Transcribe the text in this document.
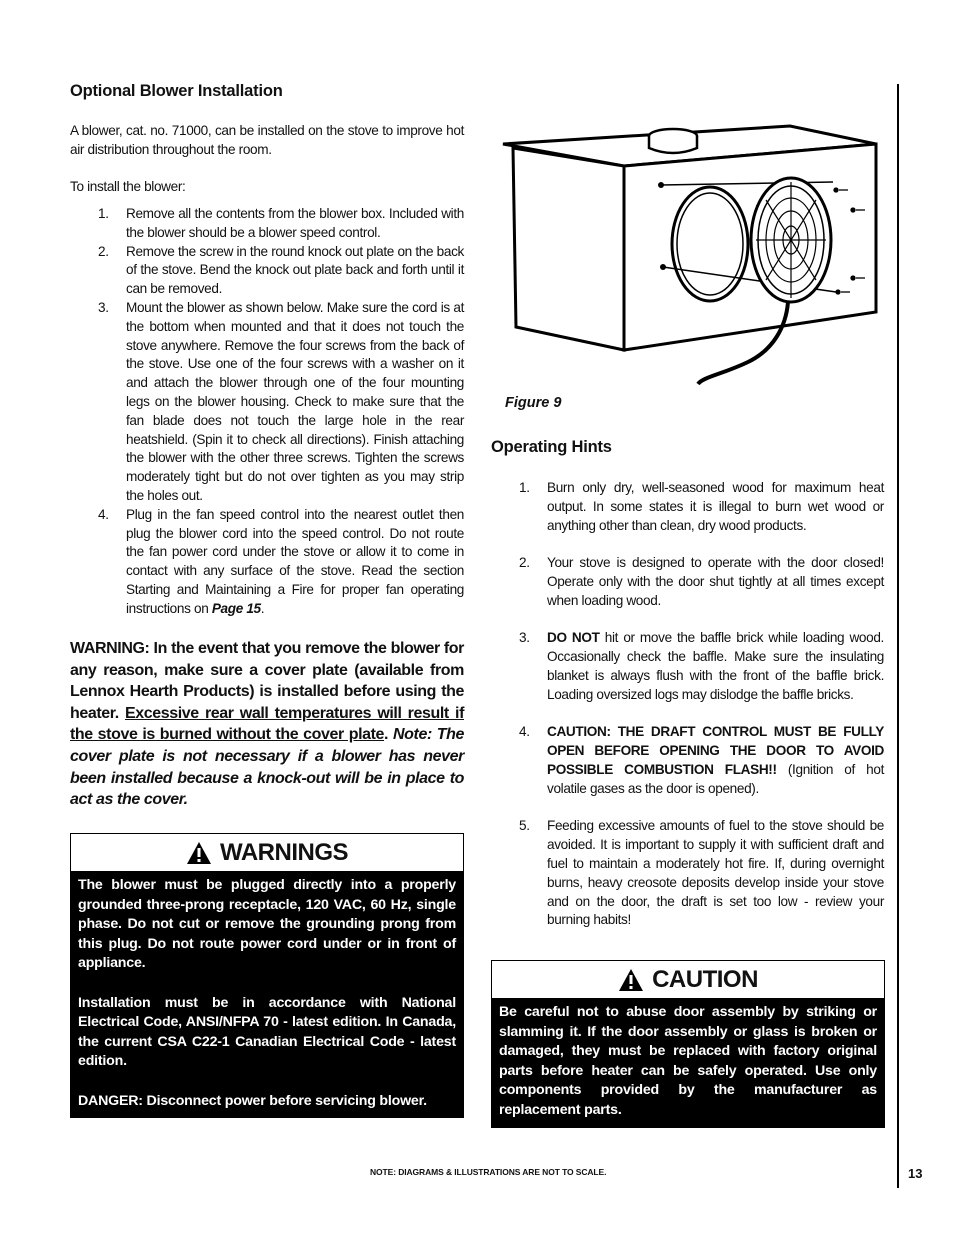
Optional Blower Installation

A blower, cat. no. 71000, can be installed on the stove to improve hot air distribution throughout the room.

To install the blower:

1. Remove all the contents from the blower box. Included with the blower should be a blower speed control.
2. Remove the screw in the round knock out plate on the back of the stove. Bend the knock out plate back and forth until it can be removed.
3. Mount the blower as shown below. Make sure the cord is at the bottom when mounted and that it does not touch the stove anywhere. Remove the four screws from the back of the stove. Use one of the four screws with a washer on it and attach the blower through one of the four mounting legs on the blower housing. Check to make sure that the fan blade does not touch the large hole in the rear heatshield. (Spin it to check all directions). Finish attaching the blower with the other three screws. Tighten the screws moderately tight but do not over tighten as you may strip the holes out.
4. Plug in the fan speed control into the nearest outlet then plug the blower cord into the speed control. Do not route the fan power cord under the stove or allow it to come in contact with any surface of the stove. Read the section Starting and Maintaining a Fire for proper fan operating instructions on Page 15.

WARNING: In the event that you remove the blower for any reason, make sure a cover plate (available from Lennox Hearth Products) is installed before using the heater. Excessive rear wall temperatures will result if the stove is burned without the cover plate. Note: The cover plate is not necessary if a blower has never been installed because a knock-out will be in place to act as the cover.

WARNINGS

The blower must be plugged directly into a properly grounded three-prong receptacle, 120 VAC, 60 Hz, single phase. Do not cut or remove the grounding prong from this plug. Do not route power cord under or in front of appliance.

Installation must be in accordance with National Electrical Code, ANSI/NFPA 70 - latest edition. In Canada, the current CSA C22-1 Canadian Electrical Code - latest edition.

DANGER: Disconnect power before servicing blower.

Figure 9

Operating Hints
1. Burn only dry, well-seasoned wood for maximum heat output. In some states it is illegal to burn wet wood or anything other than clean, dry wood products.
2. Your stove is designed to operate with the door closed! Operate only with the door shut tightly at all times except when loading wood.
3. DO NOT hit or move the baffle brick while loading wood. Occasionally check the baffle. Make sure the insulating blanket is always flush with the front of the baffle brick. Loading oversized logs may dislodge the baffle bricks.
4. CAUTION: THE DRAFT CONTROL MUST BE FULLY OPEN BEFORE OPENING THE DOOR TO AVOID POSSIBLE COMBUSTION FLASH!! (Ignition of hot volatile gases as the door is opened).
5. Feeding excessive amounts of fuel to the stove should be avoided. It is important to supply it with sufficient draft and fuel to maintain a moderately hot fire. If, during overnight burns, heavy creosote deposits develop inside your stove and on the door, the draft is set too low - review your burning habits!
CAUTION

Be careful not to abuse door assembly by striking or slamming it. If the door assembly or glass is broken or damaged, they must be replaced with factory original parts before heater can be safely operated. Use only components provided by the manufacturer as replacement parts.

NOTE: DIAGRAMS & ILLUSTRATIONS ARE NOT TO SCALE.	13
